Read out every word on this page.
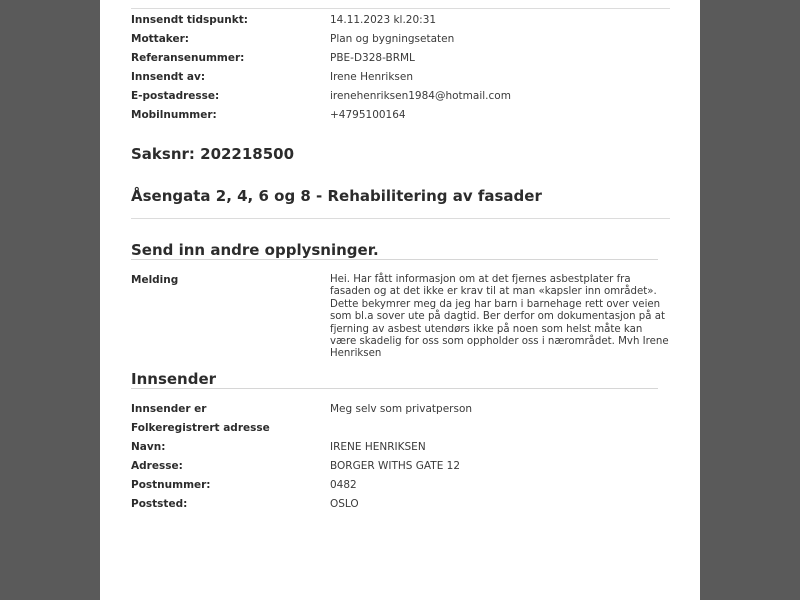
Innsendt tidspunkt:	14.11.2023 kl.20:31
Mottaker:	Plan og bygningsetaten
Referansenummer:	PBE-D328-BRML
Innsendt av:	Irene Henriksen
E-postadresse:	irenehenriksen1984@hotmail.com
Mobilnummer:	+4795100164
Saksnr: 202218500
Åsengata 2, 4, 6 og 8 - Rehabilitering av fasader
Send inn andre opplysninger.
Melding	Hei. Har fått informasjon om at det fjernes asbestplater fra fasaden og at det ikke er krav til at man «kapsler inn området». Dette bekymrer meg da jeg har barn i barnehage rett over veien som bl.a sover ute på dagtid. Ber derfor om dokumentasjon på at fjerning av asbest utendørs ikke på noen som helst måte kan være skadelig for oss som oppholder oss i nærområdet. Mvh Irene Henriksen
Innsender
Innsender er	Meg selv som privatperson
Folkeregistrert adresse
Navn:	IRENE HENRIKSEN
Adresse:	BORGER WITHS GATE 12
Postnummer:	0482
Poststed:	OSLO
